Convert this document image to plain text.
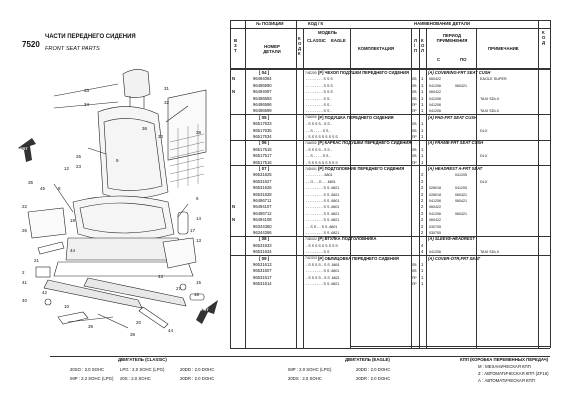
7520
ЧАСТИ ПЕРЕДНЕГО СИДЕНИЯ
FRONT SEAT PARTS
FRT
FRT
33
34
31
32
36
30
25
23
9
28
12
35
45	8
6
14
17
13
22
26
19
21
44
2
41
42
40
10
43
27
15
16
20
39
38
44
№ ПОЗИЦИИ	КОД / К	НАИМЕНОВАНИЕ ДЕТАЛИ
В З Т
НОМЕР ДЕТАЛИ
К О Д К
МОДЕЛЬ
CLASSIC EAGLE
КОМПЛЕКТАЦИЯ
Л / П
К О Л
ПЕРИОД ПРИМЕНЕНИЯ
С	ПО
ПРИМЕЧАНИЕ
К О Д
[ 04 ]	74E200 [Р] ЧЕХОЛ ПОДУШКИ ПЕРЕДНЕГО СИДЕНИЯ	(A) COVERING-FRT SEAT CUSH
N	96494084	- - - - - - - - S S S	ЛВ 1 060422	EAGLE SUPER
96486590	- - - - - - - - S S S	ЛВ 1 041206	060421
N	96494087	- - - - - - - - S S S	ЛВ 1 060422
96486593	- - - - - - - - S S -	ЛВ 1 041206	TAXI SDLX
96486596	- - - - - - - - S S -	ПР 1 041206
96486599	- - - - - - - - S S -	ПР 1 041206	TAXI SDLX
[ 05 ]	74A004 [Р] ПОДУШКА ПЕРЕДНЕГО СИДЕНИЯ	(A) PAD-FRT SEAT CUSH
96517633	- S S S S - S S -	ЛВ 1
96517635	- - S - - - - S S -	ЛВ 1	DLX
96517634	- S S S S S S S S S	ПР 1
[ 06 ]	74A002 [Р] КАРКАС ПОДУШКИ ПЕРЕДНЕГО СИДЕНИЯ	(A) FRAME-FRT SEAT CUSH
96517515	- S S S S - S S -	ЛВ 1
96517517	- - S - - - - S S -	ЛВ 1	DLX
96517516	- S S S S S S S S S	ПР 1
[ 07 ]	74D001 [Р] ПОДГОЛОВНИК ПЕРЕДНЕГО СИДЕНИЯ	(A) HEADREST A-FRT SEAT
96531625	- - - - - - - - .6801	2	041205
96531627	- - O - - O - - .6801	2	DLX
96531626	- - - - - - - - S S .6821	2 028018	041205
96531628	- - - - - - - - S S .6821	2 028018	060421
96486711	- - - - - - - - S S .6801	2 041206	060421
N	96494107	- - - - - - - - S S .6801	2 060422
96486712	- - - - - - - - S S .6821	2 041206	060421
N	96494108	- - - - - - - - S S .6821	2 060422
96344360	- - S S - - S S .6801	2 030705
96344366	- - - - - - - - S S .6821	2 030705
[ 08 ]	74D002 [Р] ВТУЛКА ПОДГОЛОВНИКА	(A) SLEEVE-HEADREST
96531633	- S S S S S S S S S	4
96531634	- - - - - - - - S S	4 041206	TAXI SDLX
[ 09 ]	74C003 [Р] ОБЛИЦОВКА ПЕРЕДНЕГО СИДЕНИЯ	(A) COVER-OTR,FRT SEAT
96531613	- S S S S - S S .6801	ЛВ 1
96531607	- - - - - - - - S S .6801	ЛВ 1
96531617	- S S S S - S S .6821	ПР 1
96531614	- - - - - - - - S S .6821	ПР 1
ДВИГАТЕЛЬ (CLASSIC)	ДВИГАТЕЛЬ (EAGLE)	КПП (КОРОБКА ПЕРЕМЕННЫХ ПЕРЕДАЧ)
20SO : 2.0 SOHC	LPG : 2.0 SOHC (LPG)	20DD : 2.0 DOHC
IMP : 2.2 SOHC (LPG) 20S : 2.0 SOHC	20DR : 2.0 DOHC
IMP : 2.0 SOHC (LPG)	20DD : 2.0 DOHC
20DS : 2.0 SOHC	20DR : 2.0 DOHC
М : МЕХАНИЧЕСКАЯ КПП
Z : АВТОМАТИЧЕСКАЯ КПП (ZF16)
А : АВТОМАТИЧЕСКАЯ КПП
